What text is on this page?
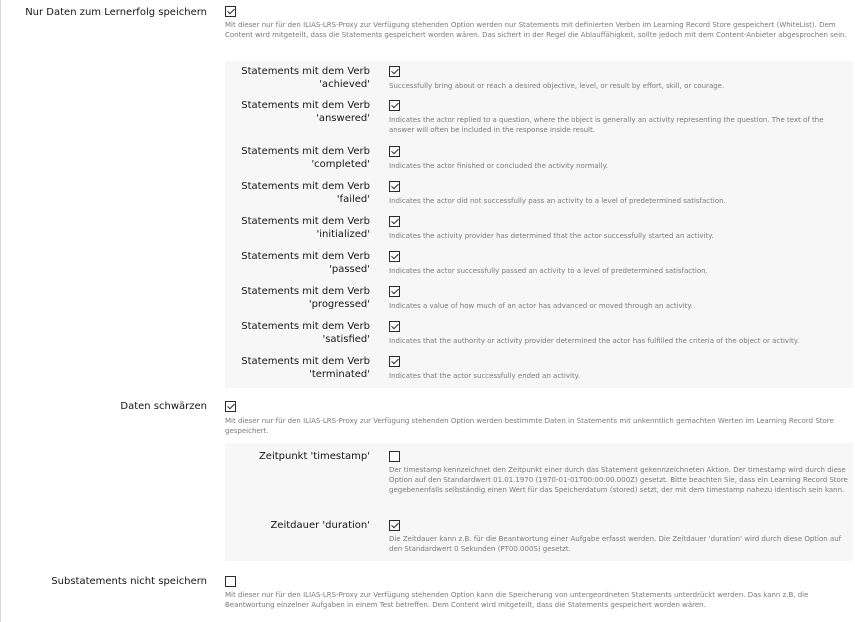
Nur Daten zum Lernerfolg speichern
Mit dieser nur für den ILIAS-LRS-Proxy zur Verfügung stehenden Option werden nur Statements mit definierten Verben im Learning Record Store gespeichert (WhiteList). Dem Content wird mitgeteilt, dass die Statements gespeichert worden wären. Das sichert in der Regel die Ablauffähigkeit, sollte jedoch mit dem Content-Anbieter abgesprochen sein.
Statements mit dem Verb
'achieved'	Successfully bring about or reach a desired objective, level, or result by effort, skill, or courage.
Statements mit dem Verb
'answered'	Indicates the actor replied to a question, where the object is generally an activity representing the question. The text of the answer will often be included in the response inside result.
Statements mit dem Verb
'completed'	Indicates the actor finished or concluded the activity normally.
Statements mit dem Verb
'failed'	Indicates the actor did not successfully pass an activity to a level of predetermined satisfaction.
Statements mit dem Verb
'initialized'	Indicates the activity provider has determined that the actor successfully started an activity.
Statements mit dem Verb
'passed'	Indicates the actor successfully passed an activity to a level of predetermined satisfaction.
Statements mit dem Verb
'progressed'	Indicates a value of how much of an actor has advanced or moved through an activity.
Statements mit dem Verb
'satisfied'	Indicates that the authority or activity provider determined the actor has fulfilled the criteria of the object or activity.
Statements mit dem Verb
'terminated'	Indicates that the actor successfully ended an activity.
Daten schwärzen
Mit dieser nur für den ILIAS-LRS-Proxy zur Verfügung stehenden Option werden bestimmte Daten in Statements mit unkenntlich gemachten Werten im Learning Record Store gespeichert.
Zeitpunkt 'timestamp'
Der timestamp kennzeichnet den Zeitpunkt einer durch das Statement gekennzeichneten Aktion. Der timestamp wird durch diese Option auf den Standardwert 01.01.1970 (1970-01-01T00:00:00.000Z) gesetzt. Bitte beachten Sie, dass ein Learning Record Store gegebenenfalls selbständig einen Wert für das Speicherdatum (stored) setzt, der mit dem timestamp nahezu identisch sein kann.
Zeitdauer 'duration'
Die Zeitdauer kann z.B. für die Beantwortung einer Aufgabe erfasst werden. Die Zeitdauer 'duration' wird durch diese Option auf den Standardwert 0 Sekunden (PT00.000S) gesetzt.
Substatements nicht speichern
Mit dieser nur für den ILIAS-LRS-Proxy zur Verfügung stehenden Option kann die Speicherung von untergeordneten Statements unterdrückt werden. Das kann z.B. die Beantwortung einzelner Aufgaben in einem Test betreffen. Dem Content wird mitgeteilt, dass die Statements gespeichert worden wären.
